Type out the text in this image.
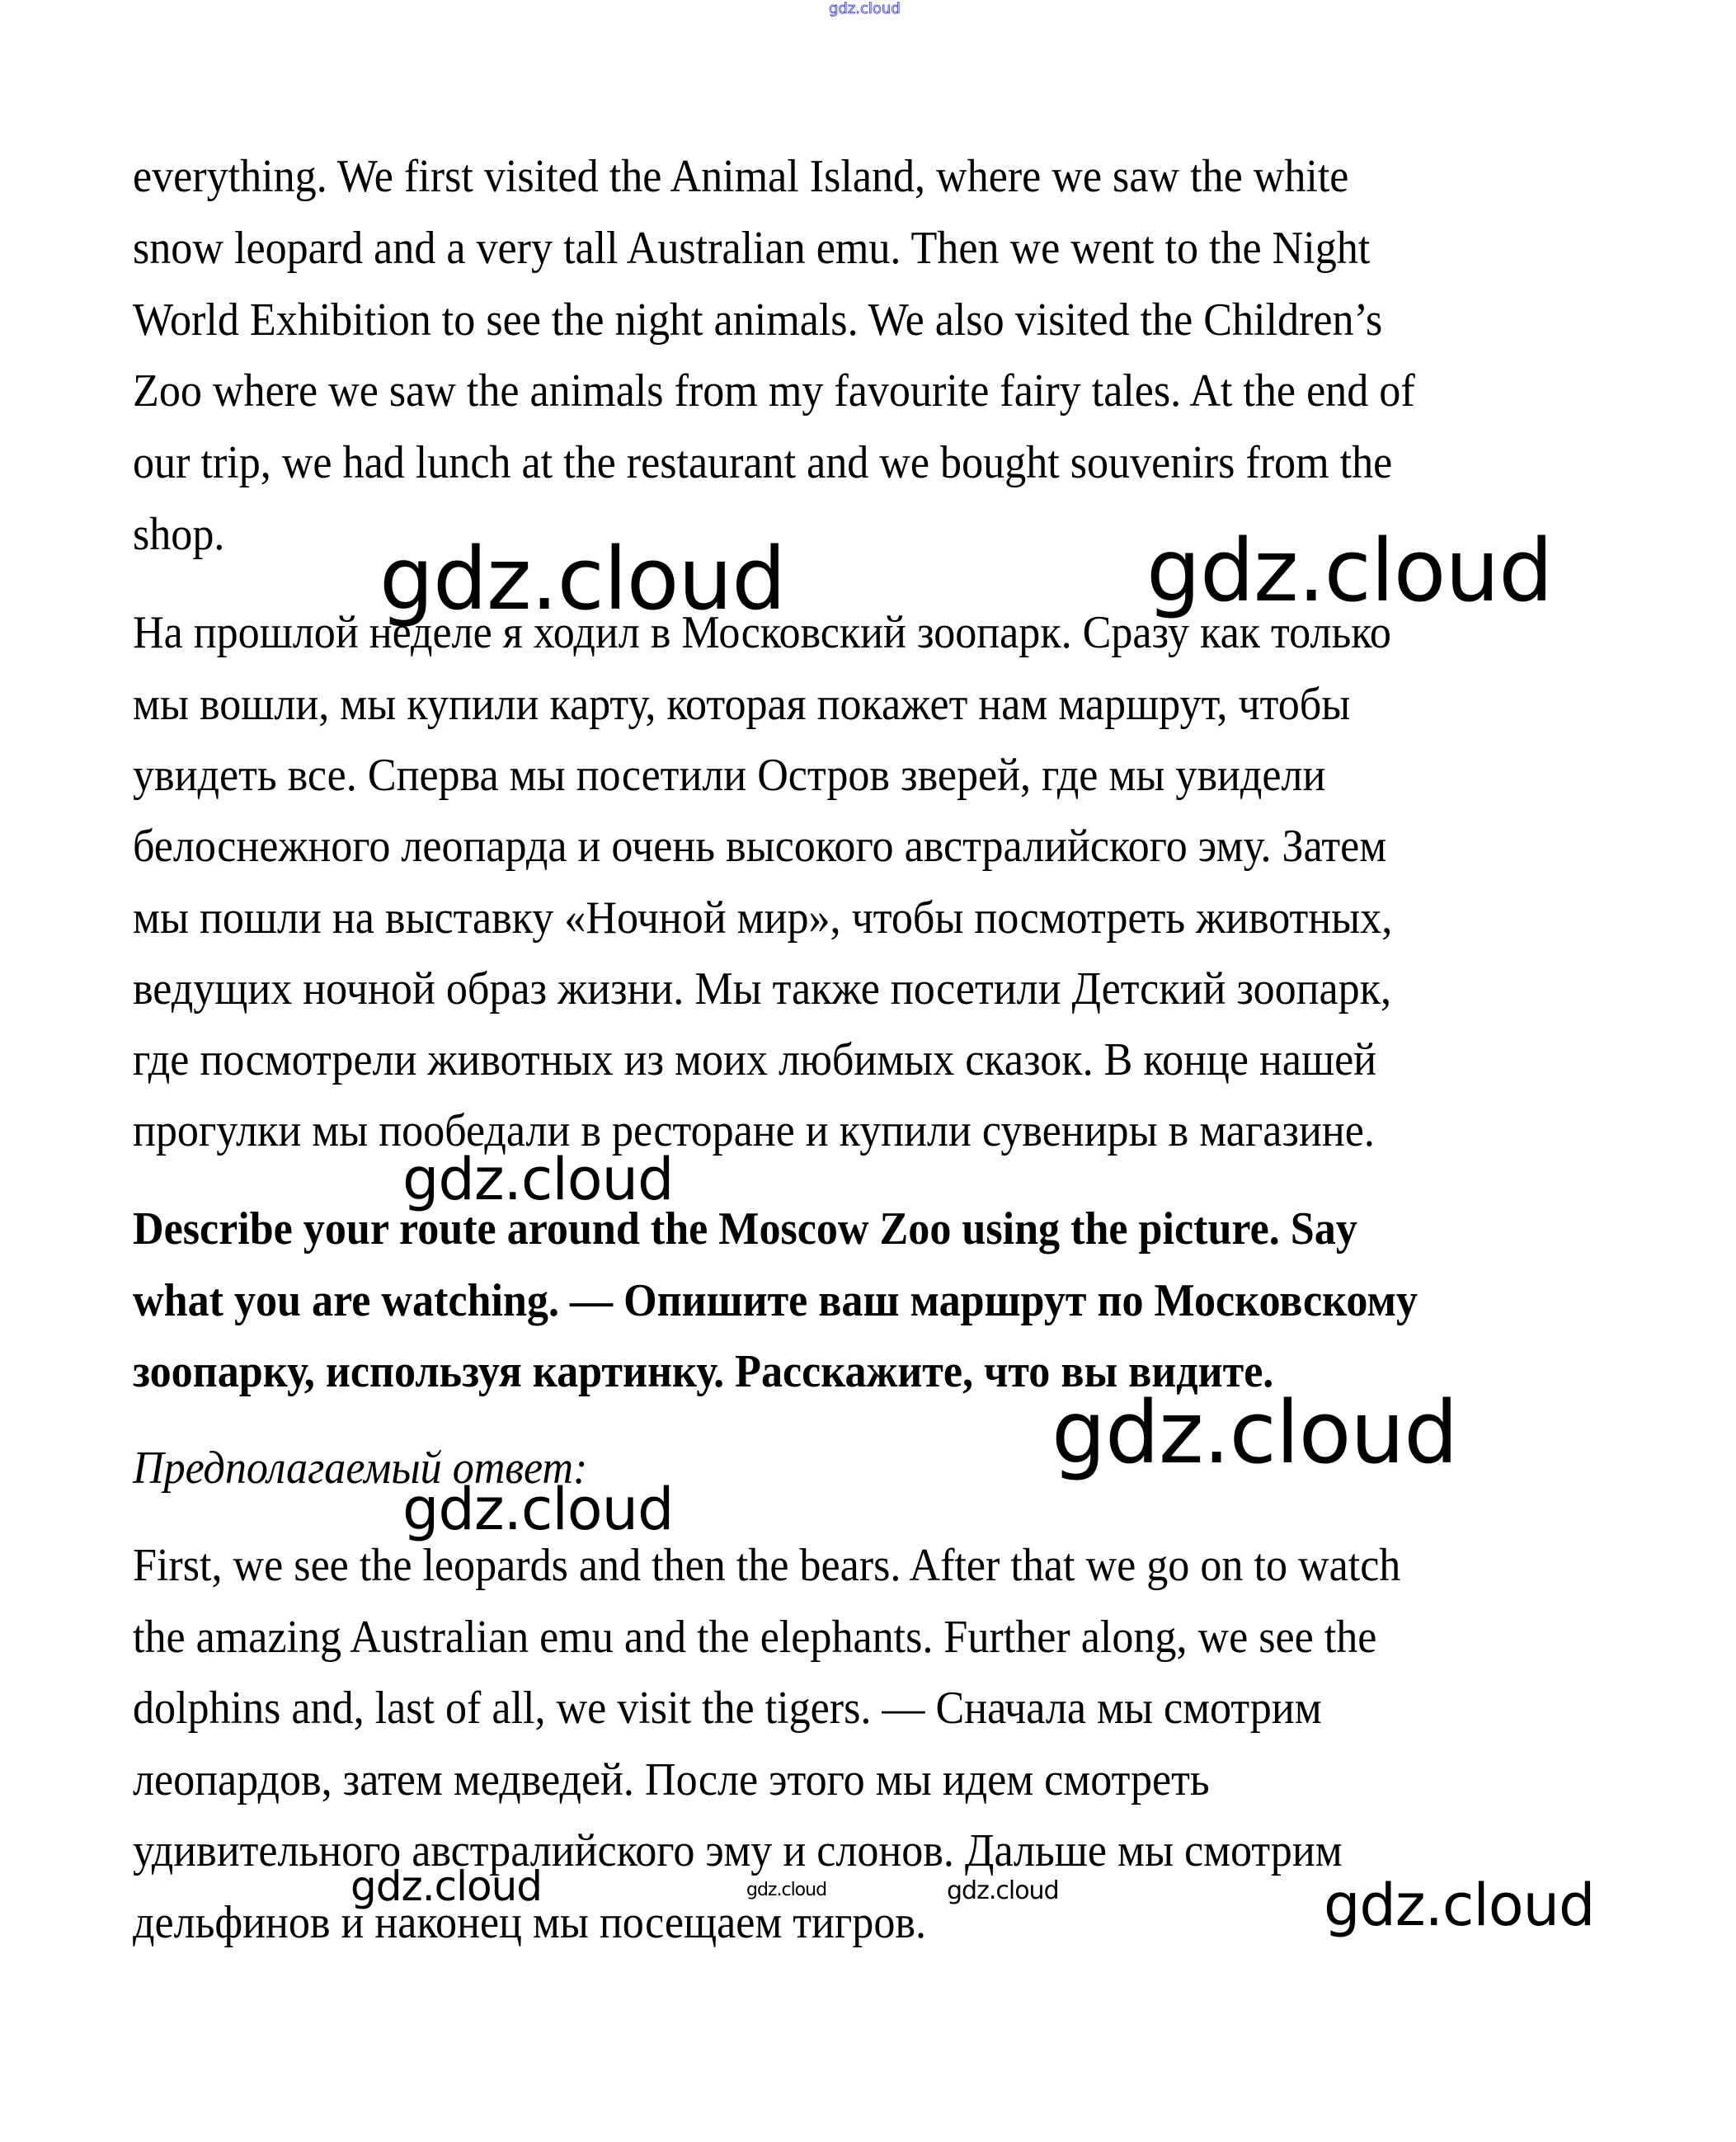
gdz.cloud
everything. We first visited the Animal Island, where we saw the white
snow leopard and a very tall Australian emu. Then we went to the Night
World Exhibition to see the night animals. We also visited the Children’s
Zoo where we saw the animals from my favourite fairy tales. At the end of
our trip, we had lunch at the restaurant and we bought souvenirs from the
shop.
На прошлой неделе я ходил в Московский зоопарк. Сразу как только
мы вошли, мы купили карту, которая покажет нам маршрут, чтобы
увидеть все. Сперва мы посетили Остров зверей, где мы увидели
белоснежного леопарда и очень высокого австралийского эму. Затем
мы пошли на выставку «Ночной мир», чтобы посмотреть животных,
ведущих ночной образ жизни. Мы также посетили Детский зоопарк,
где посмотрели животных из моих любимых сказок. В конце нашей
прогулки мы пообедали в ресторане и купили сувениры в магазине.
Describe your route around the Moscow Zoo using the picture. Say
what you are watching. — Опишите ваш маршрут по Московскому
зоопарку, используя картинку. Расскажите, что вы видите.
Предполагаемый ответ:
First, we see the leopards and then the bears. After that we go on to watch
the amazing Australian emu and the elephants. Further along, we see the
dolphins and, last of all, we visit the tigers. — Сначала мы смотрим
леопардов, затем медведей. После этого мы идем смотреть
удивительного австралийского эму и слонов. Дальше мы смотрим
дельфинов и наконец мы посещаем тигров.
gdz.cloud	gdz.cloud
gdz.cloud
gdz.cloud
gdz.cloud
gdz.cloud	gdz.cloud	gdz.cloud	gdz.cloud
